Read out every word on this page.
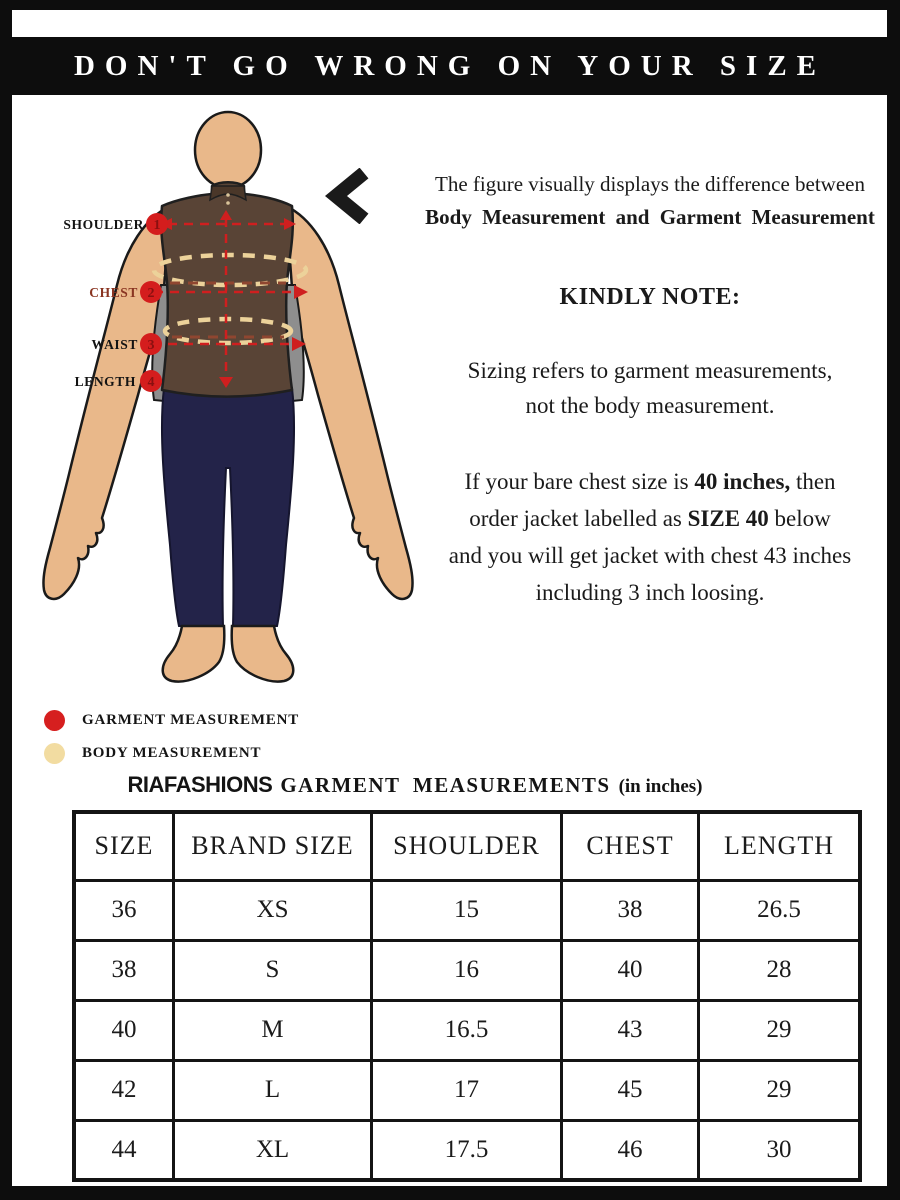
DON'T GO WRONG ON YOUR SIZE
1
2
3
4
SHOULDER
CHEST
WAIST
LENGTH
The figure visually displays the difference between
Body Measurement and Garment Measurement
KINDLY NOTE:
Sizing refers to garment measurements,
not the body measurement.
If your bare chest size is 40 inches, then
order jacket labelled as SIZE 40 below
and you will get jacket with chest 43 inches
including 3 inch loosing.
GARMENT MEASUREMENT
BODY MEASUREMENT
RIAFASHIONS GARMENT MEASUREMENTS (in inches)
SIZE	BRAND SIZE	SHOULDER	CHEST	LENGTH
36	XS	15	38	26.5
38	S	16	40	28
40	M	16.5	43	29
42	L	17	45	29
44	XL	17.5	46	30
